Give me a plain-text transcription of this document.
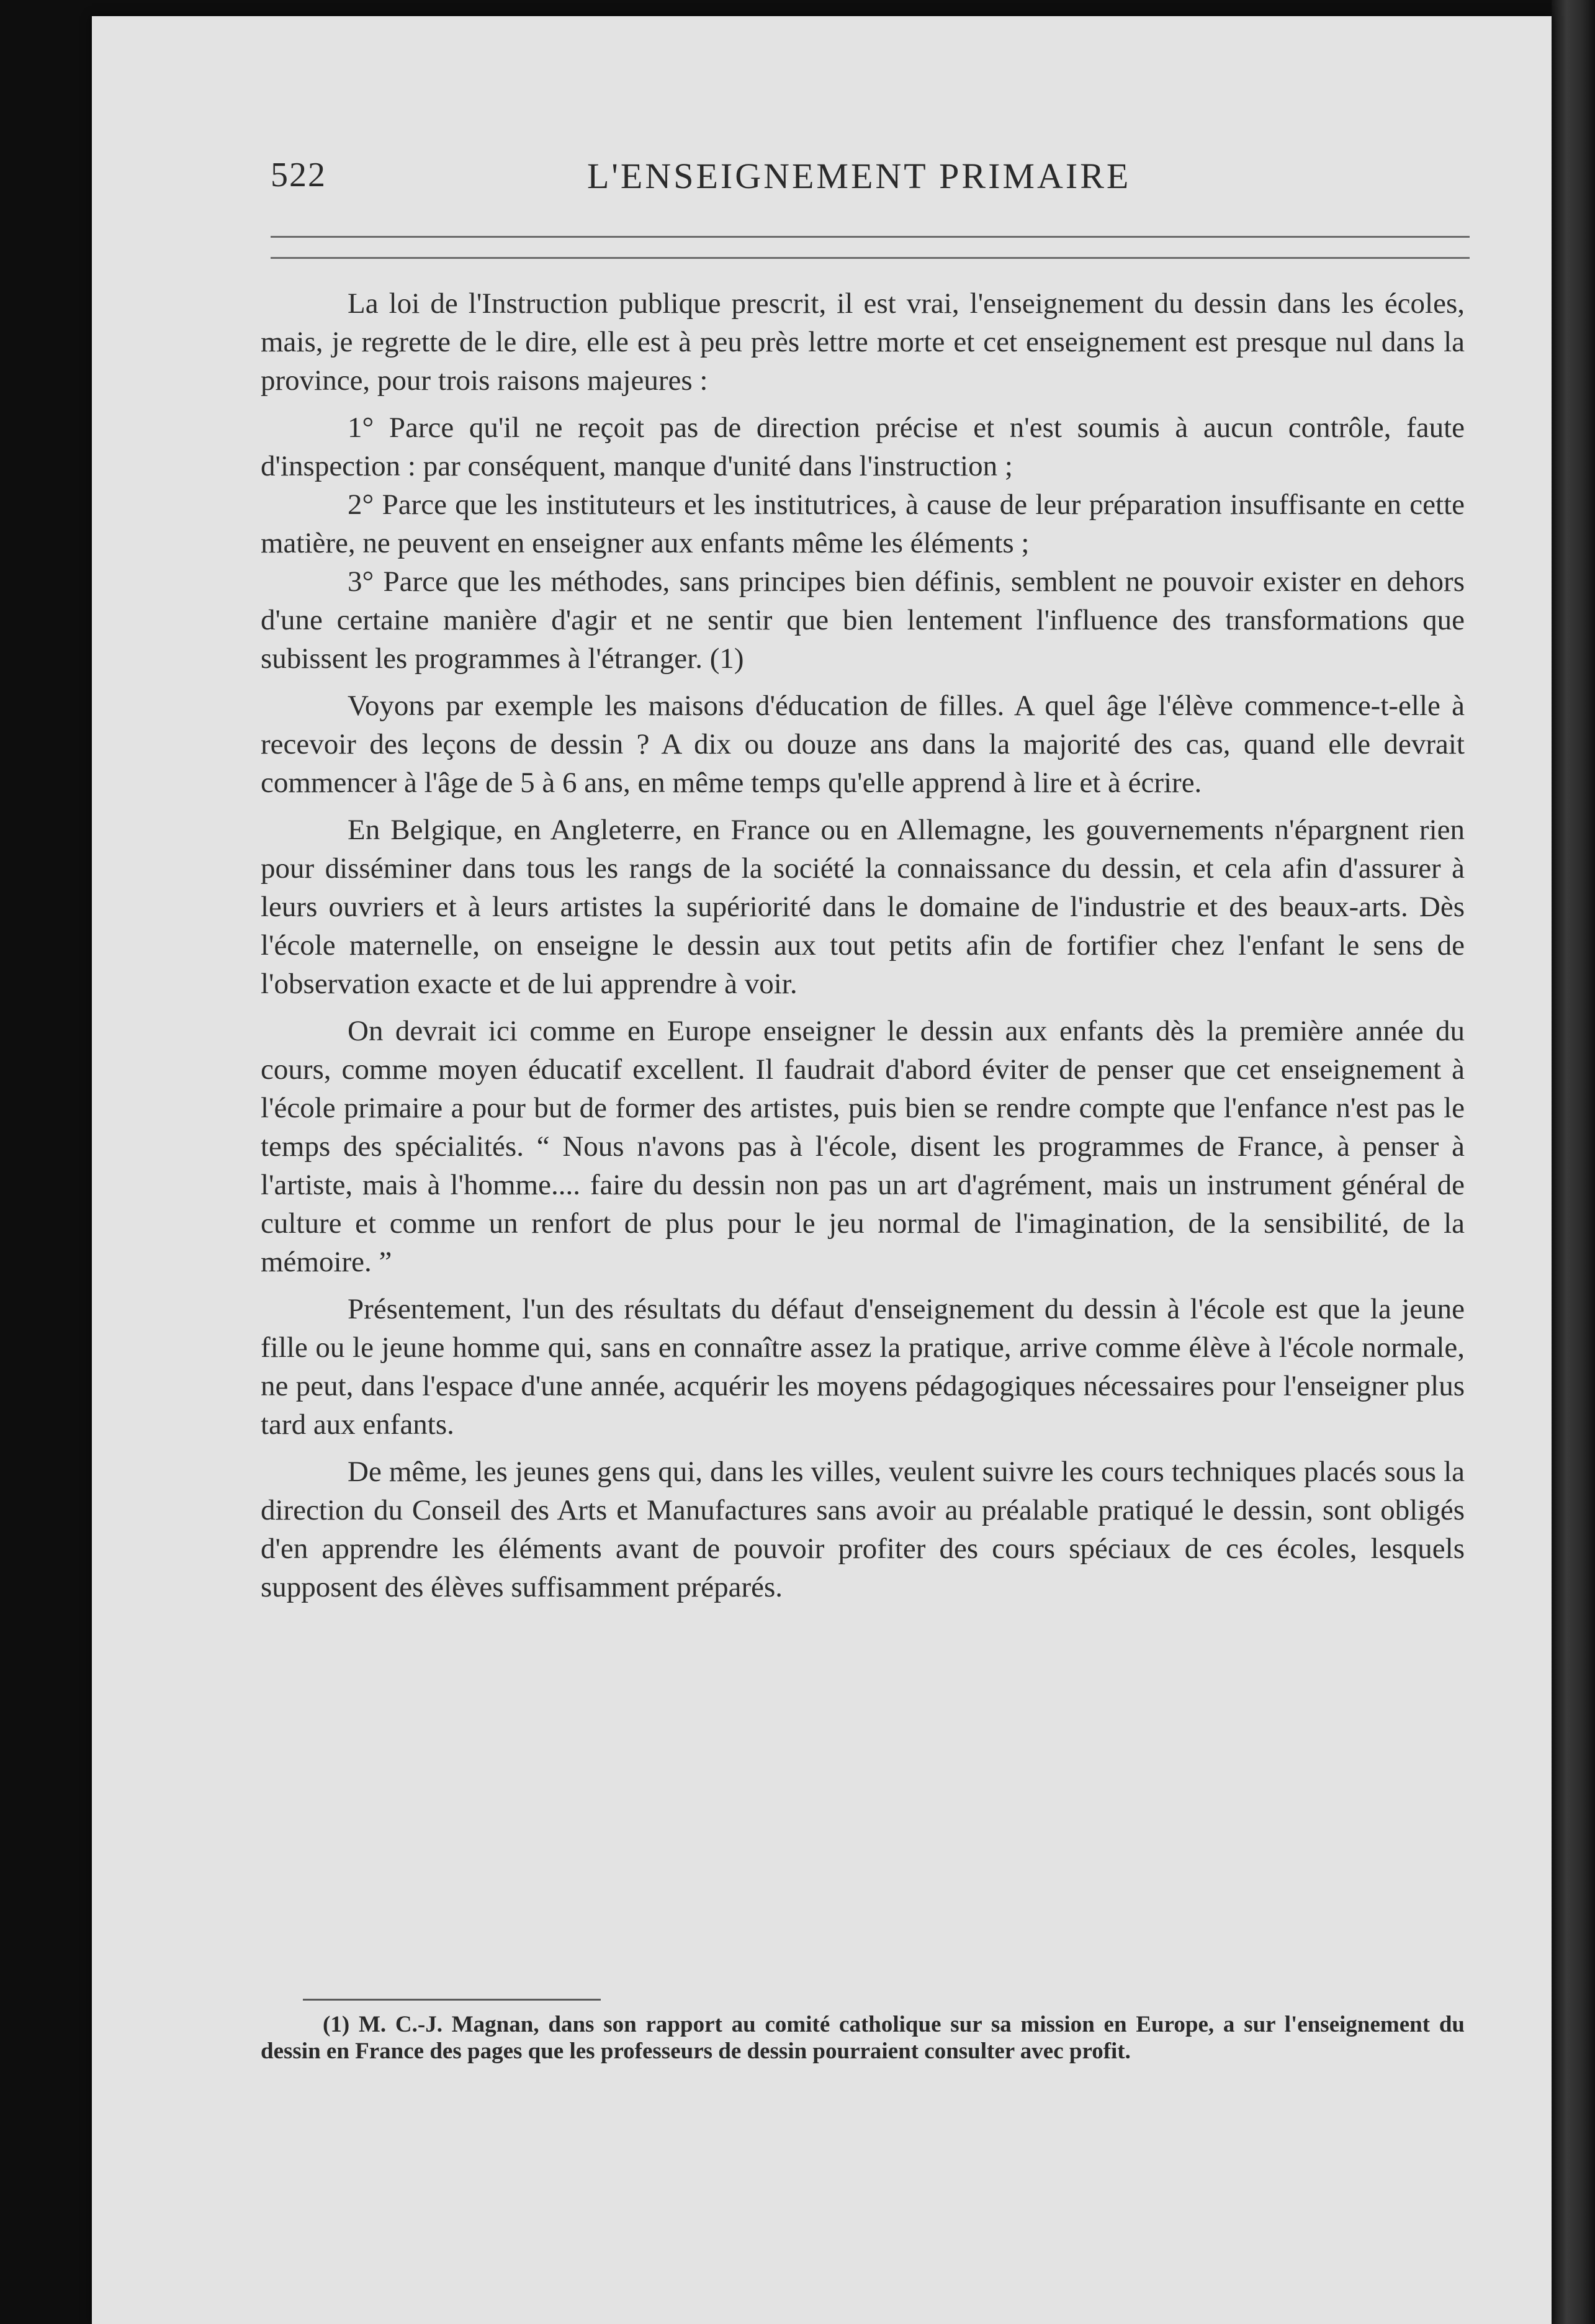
522	L'ENSEIGNEMENT PRIMAIRE

La loi de l'Instruction publique prescrit, il est vrai, l'enseignement du dessin dans les écoles, mais, je regrette de le dire, elle est à peu près lettre morte et cet enseignement est presque nul dans la province, pour trois raisons majeures :

1° Parce qu'il ne reçoit pas de direction précise et n'est soumis à aucun contrôle, faute d'inspection : par conséquent, manque d'unité dans l'instruction ;

2° Parce que les instituteurs et les institutrices, à cause de leur préparation insuffisante en cette matière, ne peuvent en enseigner aux enfants même les éléments ;

3° Parce que les méthodes, sans principes bien définis, semblent ne pouvoir exister en dehors d'une certaine manière d'agir et ne sentir que bien lentement l'influence des transformations que subissent les programmes à l'étranger. (1)

Voyons par exemple les maisons d'éducation de filles. A quel âge l'élève commence-t-elle à recevoir des leçons de dessin ? A dix ou douze ans dans la majorité des cas, quand elle devrait commencer à l'âge de 5 à 6 ans, en même temps qu'elle apprend à lire et à écrire.

En Belgique, en Angleterre, en France ou en Allemagne, les gouvernements n'épargnent rien pour disséminer dans tous les rangs de la société la connaissance du dessin, et cela afin d'assurer à leurs ouvriers et à leurs artistes la supériorité dans le domaine de l'industrie et des beaux-arts. Dès l'école maternelle, on enseigne le dessin aux tout petits afin de fortifier chez l'enfant le sens de l'observation exacte et de lui apprendre à voir.

On devrait ici comme en Europe enseigner le dessin aux enfants dès la première année du cours, comme moyen éducatif excellent. Il faudrait d'abord éviter de penser que cet enseignement à l'école primaire a pour but de former des artistes, puis bien se rendre compte que l'enfance n'est pas le temps des spécialités. “ Nous n'avons pas à l'école, disent les programmes de France, à penser à l'artiste, mais à l'homme.... faire du dessin non pas un art d'agrément, mais un instrument général de culture et comme un renfort de plus pour le jeu normal de l'imagination, de la sensibilité, de la mémoire. ”

Présentement, l'un des résultats du défaut d'enseignement du dessin à l'école est que la jeune fille ou le jeune homme qui, sans en connaître assez la pratique, arrive comme élève à l'école normale, ne peut, dans l'espace d'une année, acquérir les moyens pédagogiques nécessaires pour l'enseigner plus tard aux enfants.

De même, les jeunes gens qui, dans les villes, veulent suivre les cours techniques placés sous la direction du Conseil des Arts et Manufactures sans avoir au préalable pratiqué le dessin, sont obligés d'en apprendre les éléments avant de pouvoir profiter des cours spéciaux de ces écoles, lesquels supposent des élèves suffisamment préparés.

(1) M. C.-J. Magnan, dans son rapport au comité catholique sur sa mission en Europe, a sur l'enseignement du dessin en France des pages que les professeurs de dessin pourraient consulter avec profit.
